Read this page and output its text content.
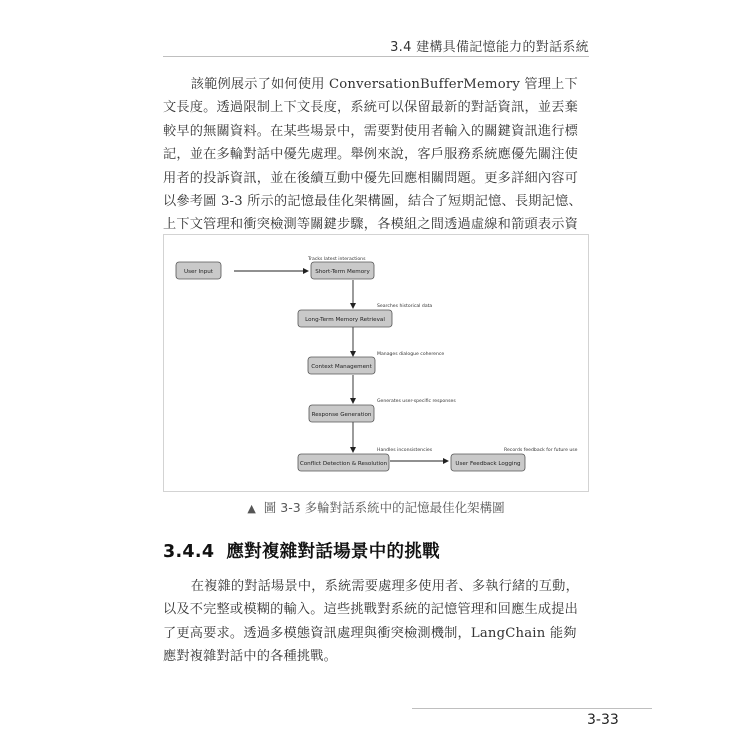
3.4 建構具備記憶能力的對話系統

該範例展示了如何使用 ConversationBufferMemory 管理上下文長度。透過限制上下文長度，系統可以保留最新的對話資訊，並丟棄較早的無關資料。在某些場景中，需要對使用者輸入的關鍵資訊進行標記，並在多輪對話中優先處理。舉例來說，客戶服務系統應優先關注使用者的投訴資訊，並在後續互動中優先回應相關問題。更多詳細內容可以參考圖 3-3 所示的記憶最佳化架構圖，結合了短期記憶、長期記憶、上下文管理和衝突檢測等關鍵步驟，各模組之間透過虛線和箭頭表示資

Tracks latest interactions
Searches historical data
Manages dialogue coherence
Generates user-specific responses
Handles inconsistencies	Records feedback for future use
User Input	Short-Term Memory
Long-Term Memory Retrieval
Context Management
Response Generation
Conflict Detection & Resolution	User Feedback Logging
▲ 圖 3-3 多輪對話系統中的記憶最佳化架構圖
3.4.4 應對複雜對話場景中的挑戰

在複雜的對話場景中，系統需要處理多使用者、多執行緒的互動，以及不完整或模糊的輸入。這些挑戰對系統的記憶管理和回應生成提出了更高要求。透過多模態資訊處理與衝突檢測機制，LangChain 能夠應對複雜對話中的各種挑戰。

3-33
